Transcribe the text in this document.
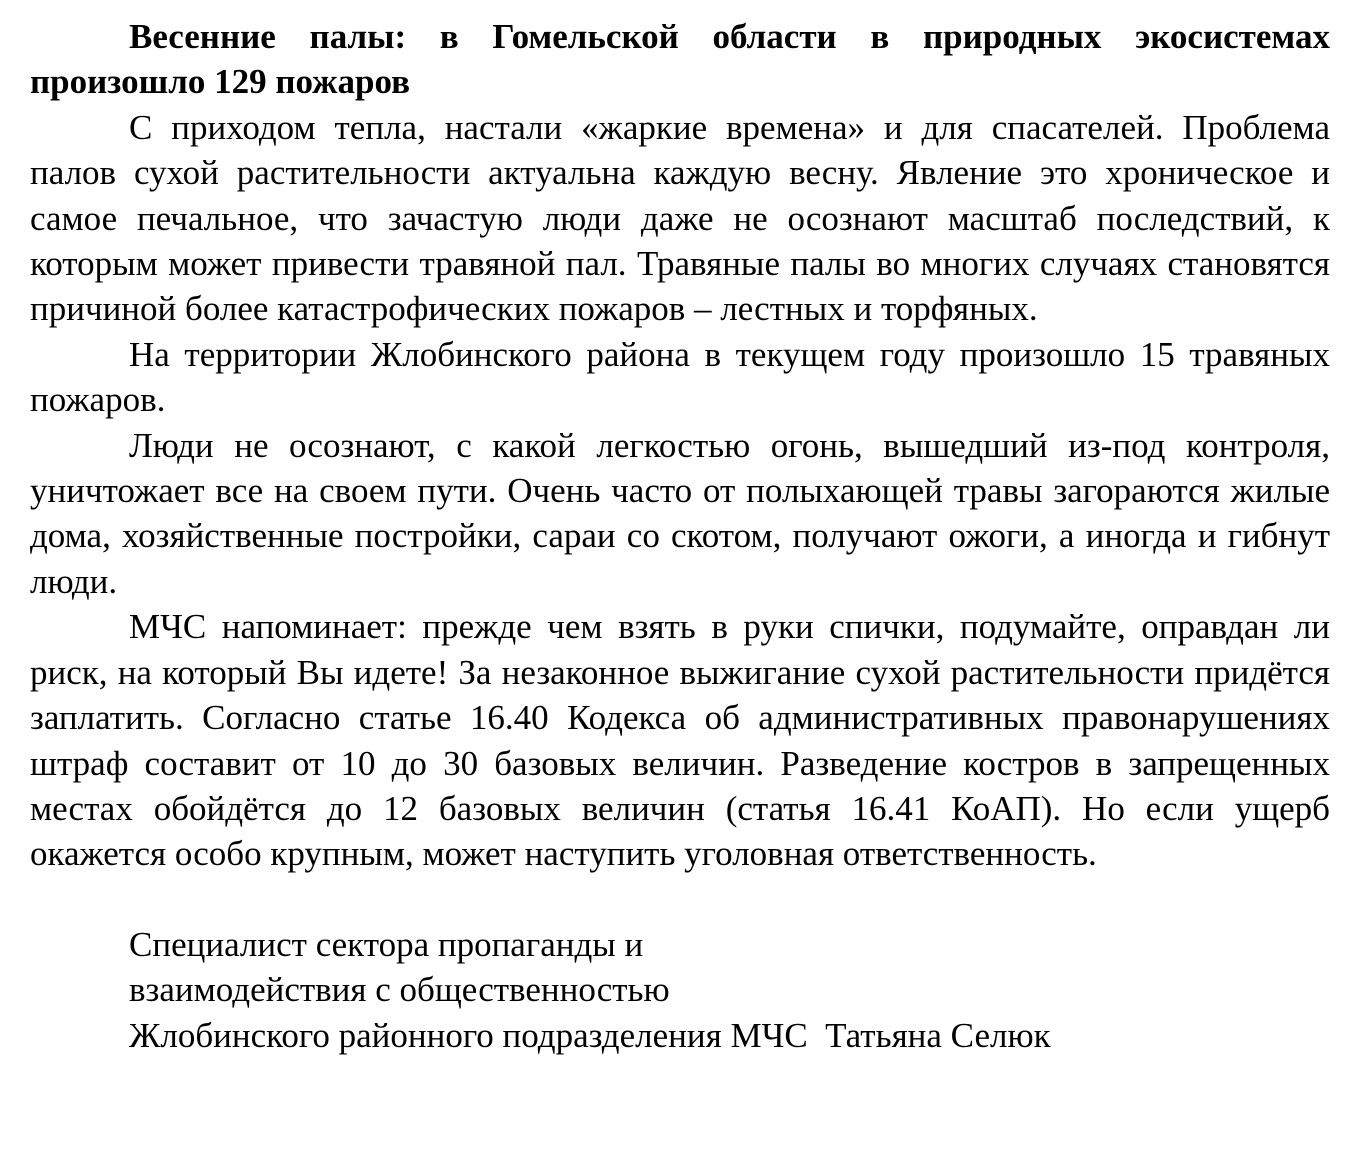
Весенние палы: в Гомельской области в природных экосистемах произошло 129 пожаров

С приходом тепла, настали «жаркие времена» и для спасателей. Проблема палов сухой растительности актуальна каждую весну. Явление это хроническое и самое печальное, что зачастую люди даже не осознают масштаб последствий, к которым может привести травяной пал. Травяные палы во многих случаях становятся причиной более катастрофических пожаров – лестных и торфяных.

На территории Жлобинского района в текущем году произошло 15 травяных пожаров.

Люди не осознают, с какой легкостью огонь, вышедший из-под контроля, уничтожает все на своем пути. Очень часто от полыхающей травы загораются жилые дома, хозяйственные постройки, сараи со скотом, получают ожоги, а иногда и гибнут люди.

МЧС напоминает: прежде чем взять в руки спички, подумайте, оправдан ли риск, на который Вы идете! За незаконное выжигание сухой растительности придётся заплатить. Согласно статье 16.40 Кодекса об административных правонарушениях штраф составит от 10 до 30 базовых величин. Разведение костров в запрещенных местах обойдётся до 12 базовых величин (статья 16.41 КоАП). Но если ущерб окажется особо крупным, может наступить уголовная ответственность.

Специалист сектора пропаганды и
взаимодействия с общественностью
Жлобинского районного подразделения МЧС  Татьяна Селюк
